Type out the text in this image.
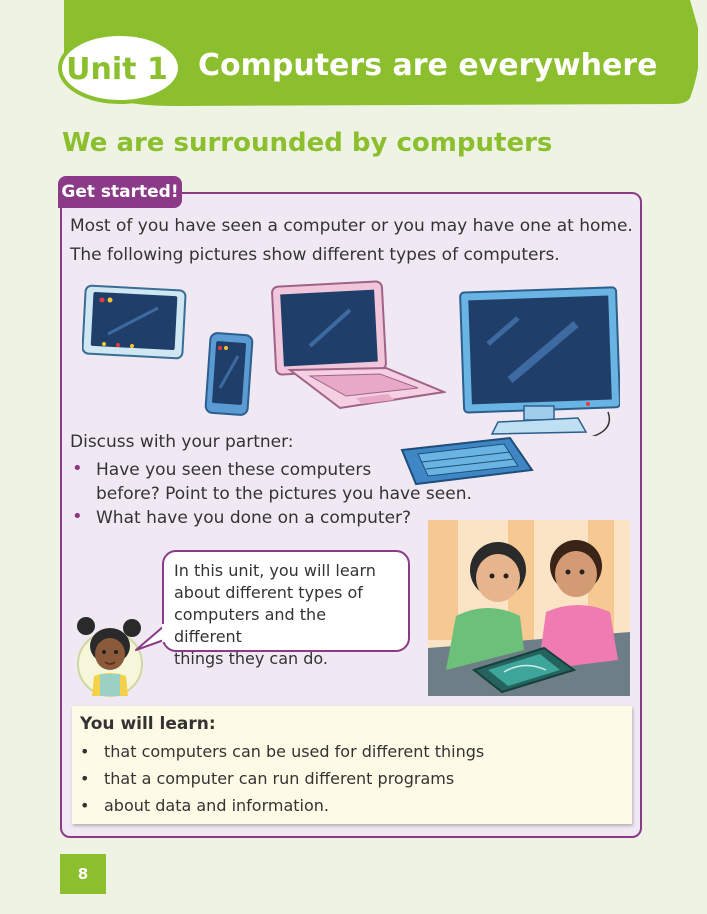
Unit 1 Computers are everywhere
We are surrounded by computers
Get started!
Most of you have seen a computer or you may have one at home.
The following pictures show different types of computers.
Discuss with your partner:
• Have you seen these computers
before? Point to the pictures you have seen.
• What have you done on a computer?
In this unit, you will learn
about different types of
computers and the different
things they can do.
You will learn:
• that computers can be used for different things
• that a computer can run different programs
• about data and information.
8
